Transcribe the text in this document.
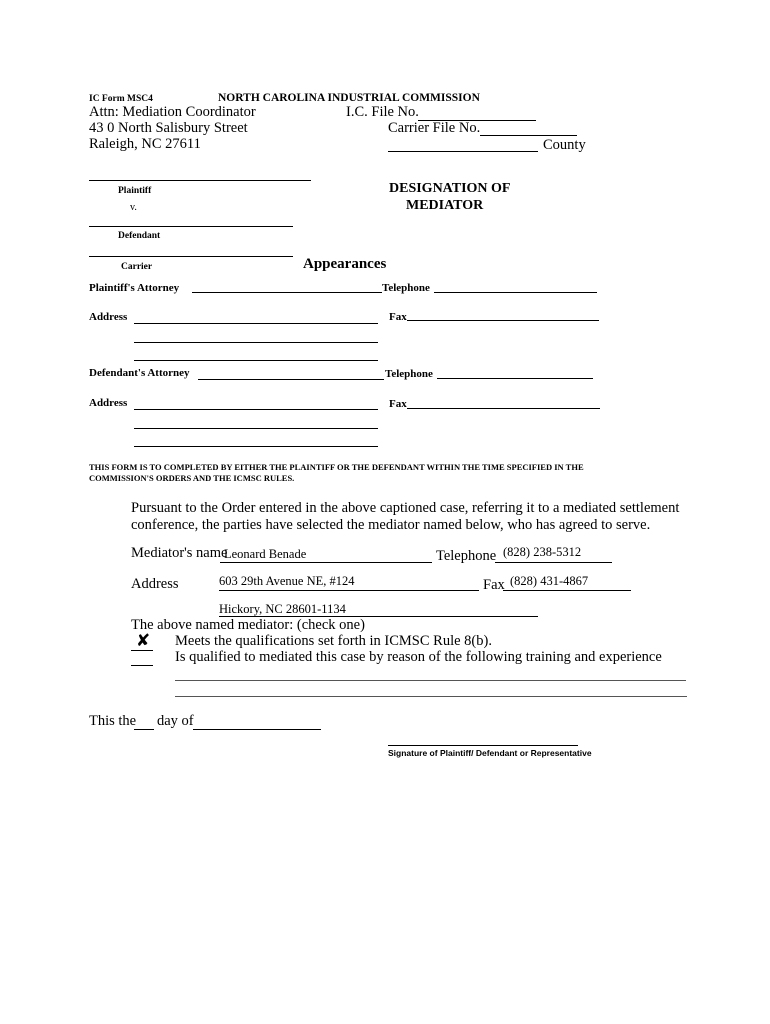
IC Form MSC4	NORTH CAROLINA INDUSTRIAL COMMISSION
Attn: Mediation Coordinator
43 0 North Salisbury Street
Raleigh, NC 27611
I.C. File No.
Carrier File No.
County
Plaintiff
v.
Defendant
Carrier
DESIGNATION OF
MEDIATOR
Appearances
Plaintiff's Attorney	Telephone
Address	Fax
Defendant's Attorney	Telephone
Address	Fax
THIS FORM IS TO COMPLETED BY EITHER THE PLAINTIFF OR THE DEFENDANT WITHIN THE TIME SPECIFIED IN THE
COMMISSION'S ORDERS AND THE ICMSC RULES.
Pursuant to the Order entered in the above captioned case, referring it to a mediated settlement
conference, the parties have selected the mediator named below, who has agreed to serve.
Mediator's name
Leonard Benade	Telephone (828) 238-5312
Address	603 29th Avenue NE, #124	Fax (828) 431-4867
Hickory, NC 28601-1134
The above named mediator: (check one)
✘ Meets the qualifications set forth in ICMSC Rule 8(b).
Is qualified to mediated this case by reason of the following training and experience
This the day of
Signature of Plaintiff/ Defendant or Representative
